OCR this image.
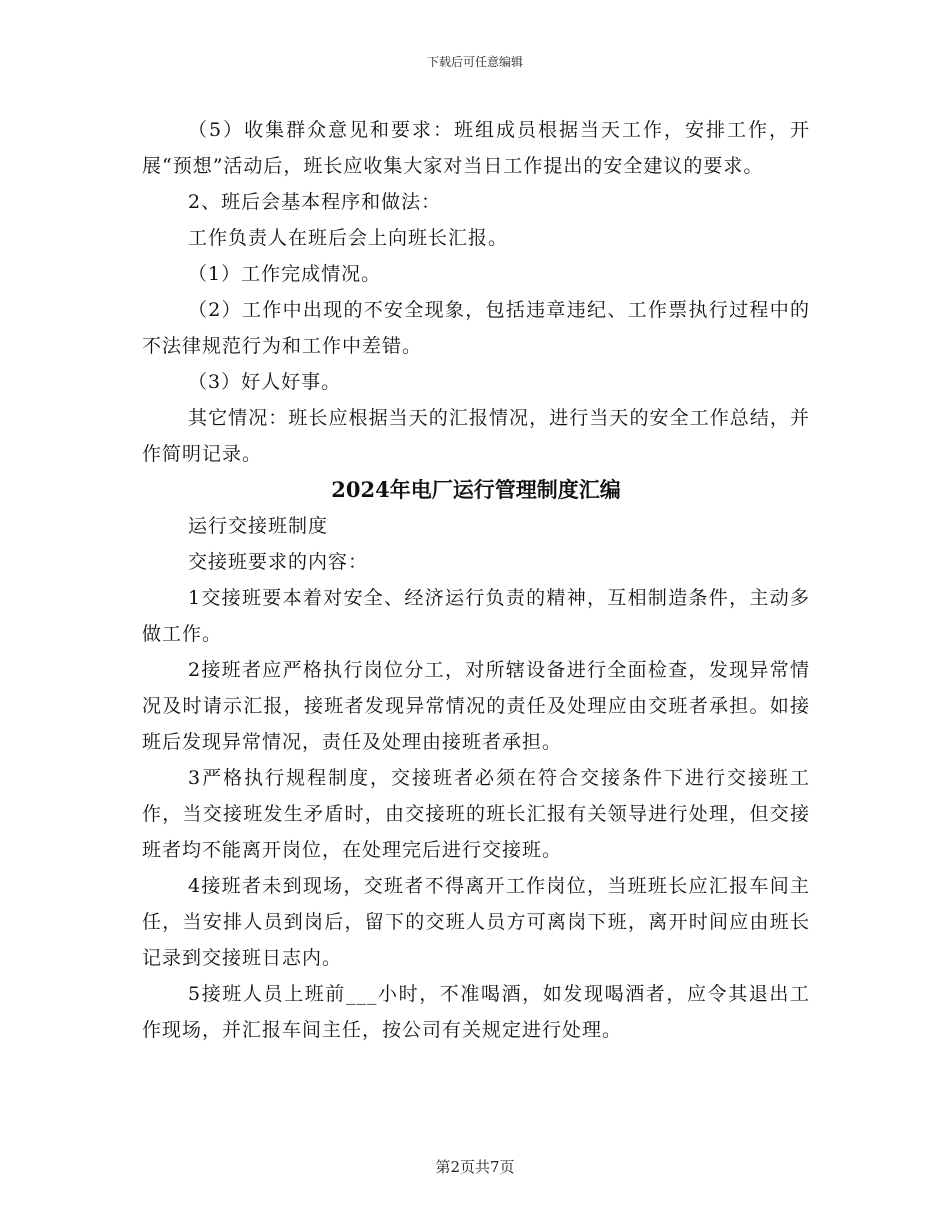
下载后可任意编辑

（5）收集群众意见和要求：班组成员根据当天工作，安排工作，开展“预想”活动后，班长应收集大家对当日工作提出的安全建议的要求。

2、班后会基本程序和做法：

工作负责人在班后会上向班长汇报。

（1）工作完成情况。

（2）工作中出现的不安全现象，包括违章违纪、工作票执行过程中的不法律规范行为和工作中差错。

（3）好人好事。

其它情况：班长应根据当天的汇报情况，进行当天的安全工作总结，并作简明记录。

2024年电厂运行管理制度汇编

运行交接班制度

交接班要求的内容：

1交接班要本着对安全、经济运行负责的精神，互相制造条件，主动多做工作。

2接班者应严格执行岗位分工，对所辖设备进行全面检查，发现异常情况及时请示汇报，接班者发现异常情况的责任及处理应由交班者承担。如接班后发现异常情况，责任及处理由接班者承担。

3严格执行规程制度，交接班者必须在符合交接条件下进行交接班工作，当交接班发生矛盾时，由交接班的班长汇报有关领导进行处理，但交接班者均不能离开岗位，在处理完后进行交接班。

4接班者未到现场，交班者不得离开工作岗位，当班班长应汇报车间主任，当安排人员到岗后，留下的交班人员方可离岗下班，离开时间应由班长记录到交接班日志内。

5接班人员上班前___小时，不准喝酒，如发现喝酒者，应令其退出工作现场，并汇报车间主任，按公司有关规定进行处理。

第2页共7页
